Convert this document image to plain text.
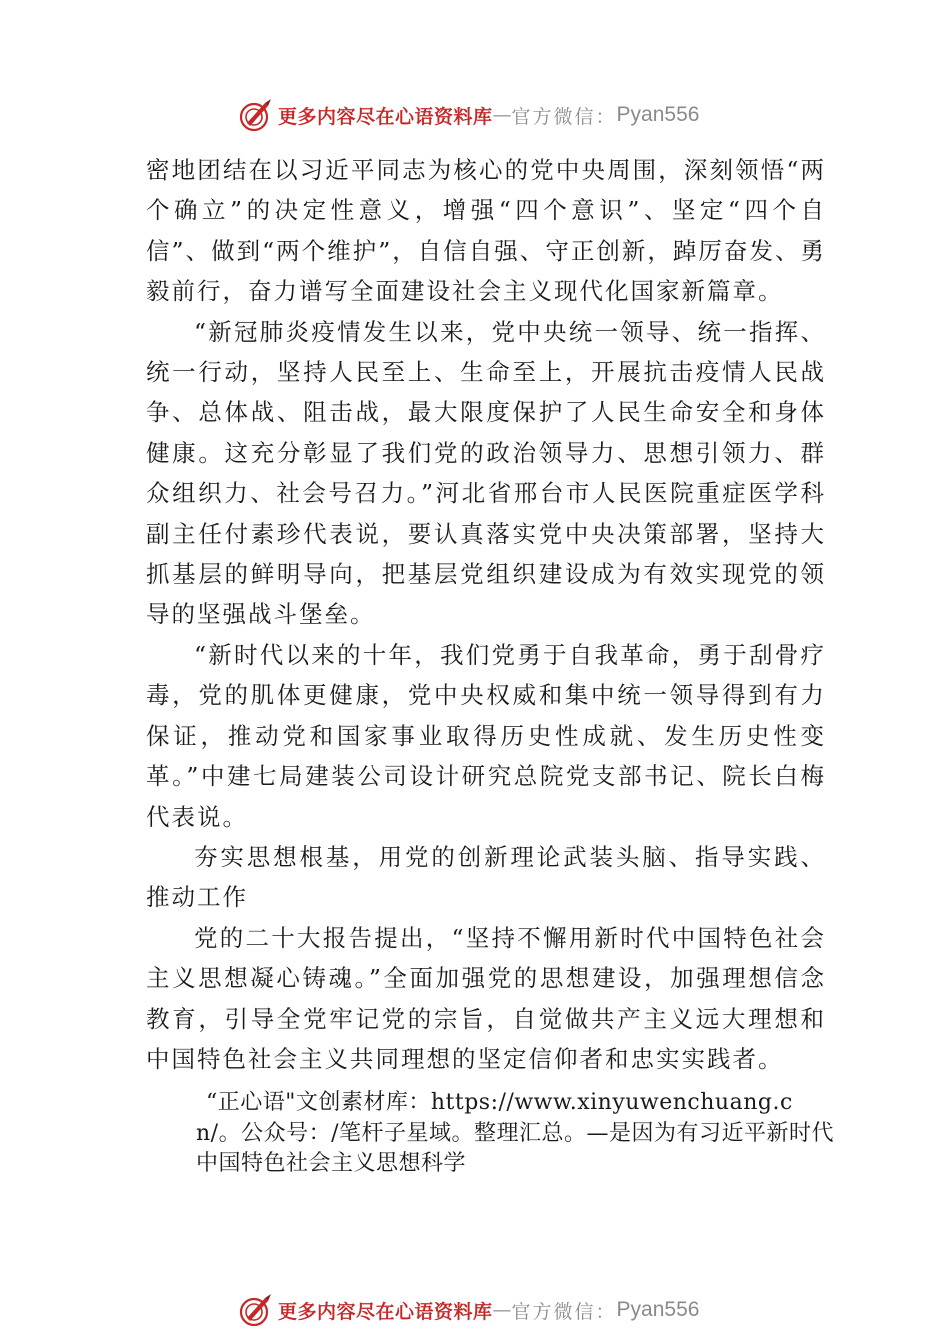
更多内容尽在心语资料库 — 官方微信： Pyan556

密地团结在以习近平同志为核心的党中央周围，深刻领悟“两个确立”的决定性意义，增强“四个意识”、坚定“四个自信”、做到“两个维护”，自信自强、守正创新，踔厉奋发、勇毅前行，奋力谱写全面建设社会主义现代化国家新篇章。

“新冠肺炎疫情发生以来，党中央统一领导、统一指挥、统一行动，坚持人民至上、生命至上，开展抗击疫情人民战争、总体战、阻击战，最大限度保护了人民生命安全和身体健康。这充分彰显了我们党的政治领导力、思想引领力、群众组织力、社会号召力。”河北省邢台市人民医院重症医学科副主任付素珍代表说，要认真落实党中央决策部署，坚持大抓基层的鲜明导向，把基层党组织建设成为有效实现党的领导的坚强战斗堡垒。

“新时代以来的十年，我们党勇于自我革命，勇于刮骨疗毒，党的肌体更健康，党中央权威和集中统一领导得到有力保证，推动党和国家事业取得历史性成就、发生历史性变革。”中建七局建装公司设计研究总院党支部书记、院长白梅代表说。

夯实思想根基，用党的创新理论武装头脑、指导实践、推动工作

党的二十大报告提出，“坚持不懈用新时代中国特色社会主义思想凝心铸魂。”全面加强党的思想建设，加强理想信念教育，引导全党牢记党的宗旨，自觉做共产主义远大理想和中国特色社会主义共同理想的坚定信仰者和忠实实践者。

“正心语"文创素材库：https://www.xinyuwenchuang.cn/。公众号：/笔杆子星域。整理汇总。—是因为有习近平新时代中国特色社会主义思想科学

更多内容尽在心语资料库 — 官方微信： Pyan556
